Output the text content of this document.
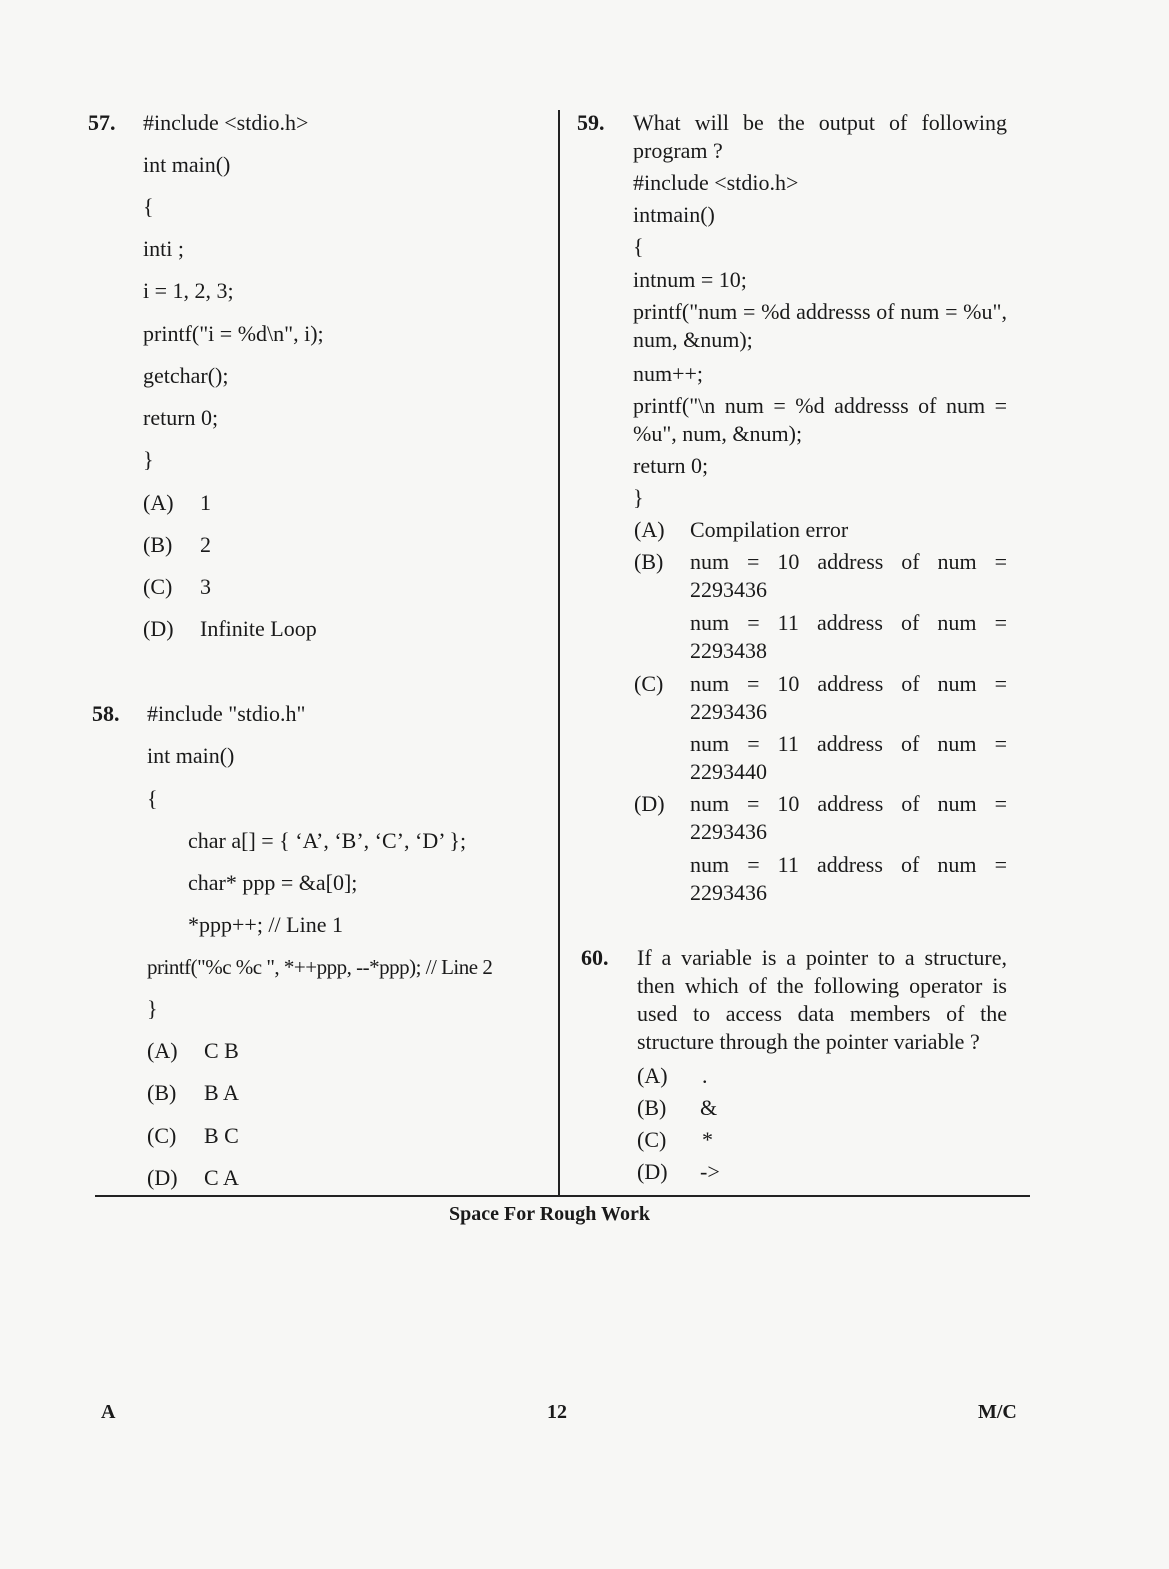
57. #include <stdio.h>
int main()
{
inti ;
i = 1, 2, 3;
printf("i = %d\n", i);
getchar();
return 0;
}
(A) 1
(B) 2
(C) 3
(D) Infinite Loop
58. #include "stdio.h"
int main()
{
char a[] = { ‘A’, ‘B’, ‘C’, ‘D’ };
char* ppp = &a[0];
*ppp++; // Line 1
printf("%c %c ", *++ppp, --*ppp); // Line 2
}
(A) C B
(B) B A
(C) B C
(D) C A
59. What will be the output of following program ?
#include <stdio.h>
intmain()
{
intnum = 10;
printf("num = %d addresss of num = %u", num, &num);
num++;
printf("\n num = %d addresss of num = %u", num, &num);
return 0;
}
(A) Compilation error
(B) num = 10 address of num = 2293436
num = 11 address of num = 2293438
(C) num = 10 address of num = 2293436
num = 11 address of num = 2293440
(D) num = 10 address of num = 2293436
num = 11 address of num = 2293436
60. If a variable is a pointer to a structure, then which of the following operator is used to access data members of the structure through the pointer variable ?
(A) .
(B) &
(C) *
(D) ->
Space For Rough Work
A	12	M/C
